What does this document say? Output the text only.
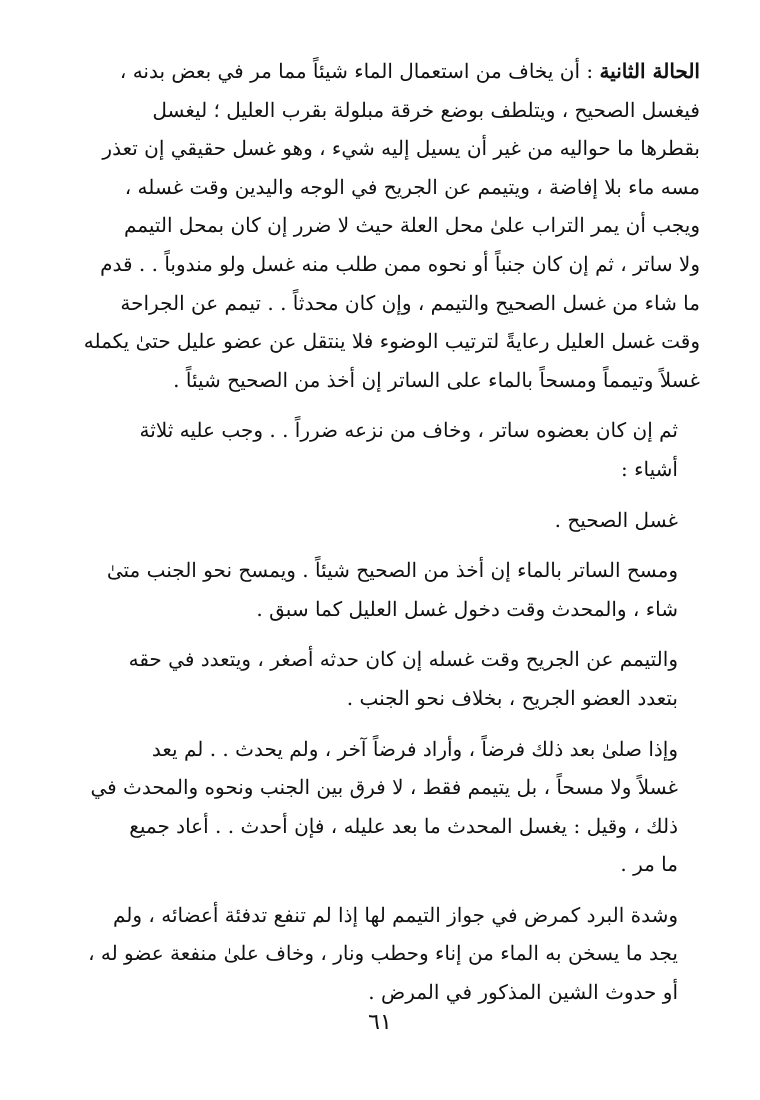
الحالة الثانية : أن يخاف من استعمال الماء شيئاً مما مر في بعض بدنه ،
فيغسل الصحيح ، ويتلطف بوضع خرقة مبلولة بقرب العليل ؛ ليغسل
بقطرها ما حواليه من غير أن يسيل إليه شيء ، وهو غسل حقيقي إن تعذر
مسه ماء بلا إفاضة ، ويتيمم عن الجريح في الوجه واليدين وقت غسله ،
ويجب أن يمر التراب علىٰ محل العلة حيث لا ضرر إن كان بمحل التيمم
ولا ساتر ، ثم إن كان جنباً أو نحوه ممن طلب منه غسل ولو مندوباً . . قدم
ما شاء من غسل الصحيح والتيمم ، وإن كان محدثاً . . تيمم عن الجراحة
وقت غسل العليل رعايةً لترتيب الوضوء فلا ينتقل عن عضو عليل حتىٰ يكمله
غسلاً وتيمماً ومسحاً بالماء على الساتر إن أخذ من الصحيح شيئاً .

ثم إن كان بعضوه ساتر ، وخاف من نزعه ضرراً . . وجب عليه ثلاثة
أشياء :

غسل الصحيح .

ومسح الساتر بالماء إن أخذ من الصحيح شيئاً . ويمسح نحو الجنب متىٰ
شاء ، والمحدث وقت دخول غسل العليل كما سبق .

والتيمم عن الجريح وقت غسله إن كان حدثه أصغر ، ويتعدد في حقه
بتعدد العضو الجريح ، بخلاف نحو الجنب .

وإذا صلىٰ بعد ذلك فرضاً ، وأراد فرضاً آخر ، ولم يحدث . . لم يعد
غسلاً ولا مسحاً ، بل يتيمم فقط ، لا فرق بين الجنب ونحوه والمحدث في
ذلك ، وقيل : يغسل المحدث ما بعد عليله ، فإن أحدث . . أعاد جميع
ما مر .

وشدة البرد كمرض في جواز التيمم لها إذا لم تنفع تدفئة أعضائه ، ولم
يجد ما يسخن به الماء من إناء وحطب ونار ، وخاف علىٰ منفعة عضو له ،
أو حدوث الشين المذكور في المرض .

٦١
